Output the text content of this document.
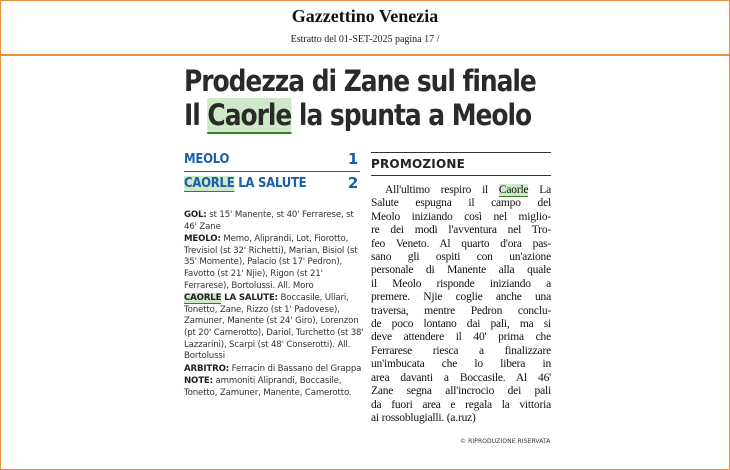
Gazzettino Venezia
Estratto del 01-SET-2025 pagina 17 /
Prodezza di Zane sul finale
Il Caorle la spunta a Meolo
MEOLO	1
CAORLE LA SALUTE	2

GOL: st 15' Manente, st 40' Ferrarese, st 46' Zane

MEOLO: Memo, Aliprandi, Lot, Fiorotto, Trevisiol (st 32' Richetti), Marian, Bisiol (st 35' Momente), Palacio (st 17' Pedron), Favotto (st 21' Njie), Rigon (st 21' Ferrarese), Bortolussi. All. Moro

CAORLE LA SALUTE: Boccasile, Uliari, Tonetto, Zane, Rizzo (st 1' Padovese), Zamuner, Manente (st 24' Giro), Lorenzon (pt 20' Camerotto), Dariol, Turchetto (st 38' Lazzarini), Scarpi (st 48' Conserotti). All. Bortolussi

ARBITRO: Ferracin di Bassano del Grappa

NOTE: ammoniti Aliprandi, Boccasile, Tonetto, Zamuner, Manente, Camerotto.

PROMOZIONE
All'ultimo respiro il Caorle La
Salute espugna il campo del
Meolo iniziando così nel miglio-
re dei modi l'avventura nel Tro-
feo Veneto. Al quarto d'ora pas-
sano gli ospiti con un'azione
personale di Manente alla quale
il Meolo risponde iniziando a
premere. Njie coglie anche una
traversa, mentre Pedron conclu-
de poco lontano dai pali, ma si
deve attendere il 40' prima che
Ferrarese riesca a finalizzare
un'imbucata che lo libera in
area davanti a Boccasile. Al 46'
Zane segna all'incrocio dei pali
da fuori area e regala la vittoria
ai rossoblugialli. (a.ruz)
© RIPRODUZIONE RISERVATA
